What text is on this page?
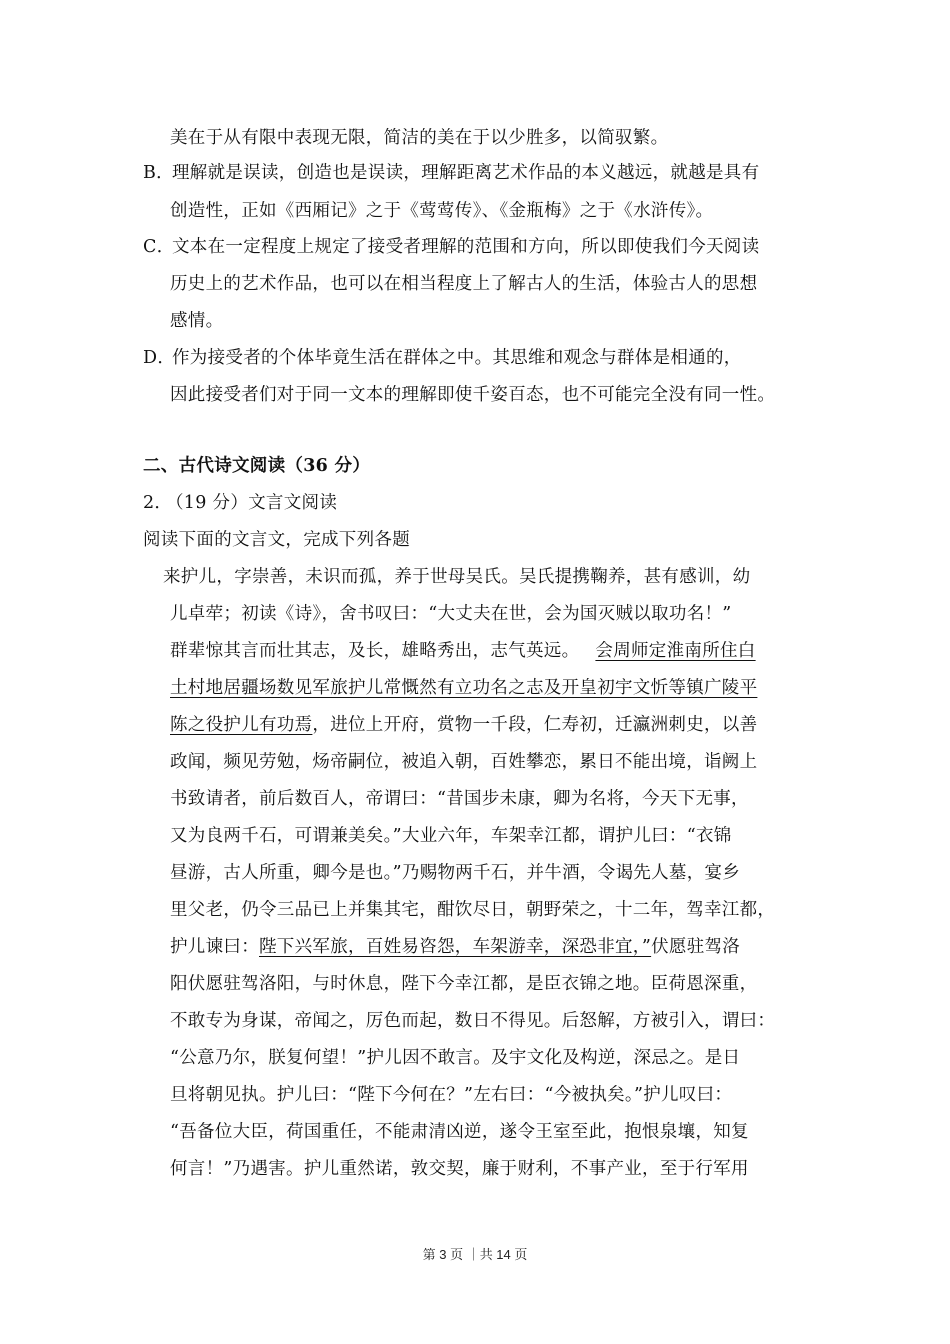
美在于从有限中表现无限，简洁的美在于以少胜多，以简驭繁。
B．
理解就是误读，创造也是误读，理解距离艺术作品的本义越远，就越是具有
创造性，正如《西厢记》之于《莺莺传》、《金瓶梅》之于《水浒传》。
C．
文本在一定程度上规定了接受者理解的范围和方向，所以即使我们今天阅读
历史上的艺术作品，也可以在相当程度上了解古人的生活，体验古人的思想
感情。
D．
作为接受者的个体毕竟生活在群体之中。其思维和观念与群体是相通的，
因此接受者们对于同一文本的理解即使千姿百态，也不可能完全没有同一性。
二、古代诗文阅读（36 分）
2．
（19 分）文言文阅读
阅读下面的文言文，完成下列各题
来护儿，字崇善，未识而孤，养于世母吴氏。吴氏提携鞠养，甚有感训，幼
儿卓荦；初读《诗》，舍书叹曰：“大丈夫在世，会为国灭贼以取功名！”
群辈惊其言而壮其志，及长，雄略秀出，志气英远。 会周师定淮南所住白
土村地居疆场数见军旅护儿常慨然有立功名之志及开皇初宇文忻等镇广陵平
陈之役护儿有功焉，进位上开府，赏物一千段，仁寿初，迁瀛洲刺史，以善
政闻，频见劳勉，炀帝嗣位，被追入朝，百姓攀恋，累日不能出境，诣阙上
书致请者，前后数百人，帝谓曰：“昔国步未康，卿为名将，今天下无事，
又为良两千石，可谓兼美矣。”大业六年，车架幸江都，谓护儿曰：“衣锦
昼游，古人所重，卿今是也。”乃赐物两千石，并牛酒，令谒先人墓，宴乡
里父老，仍令三品已上并集其宅，酣饮尽日，朝野荣之，十二年，驾幸江都，
护儿谏曰：陛下兴军旅，百姓易咨怨，车架游幸，深恐非宜，”伏愿驻驾洛
阳伏愿驻驾洛阳，与时休息，陛下今幸江都，是臣衣锦之地。臣荷恩深重，
不敢专为身谋，帝闻之，厉色而起，数日不得见。后怒解，方被引入，谓曰：
“公意乃尔，朕复何望！”护儿因不敢言。及宇文化及构逆，深忌之。是日
旦将朝见执。护儿曰：“陛下今何在？”左右曰：“今被执矣。”护儿叹曰：
“吾备位大臣，荷国重任，不能肃清凶逆，遂令王室至此，抱恨泉壤，知复
何言！”乃遇害。护儿重然诺，敦交契，廉于财利，不事产业，至于行军用
第 3 页 ｜共 14 页
